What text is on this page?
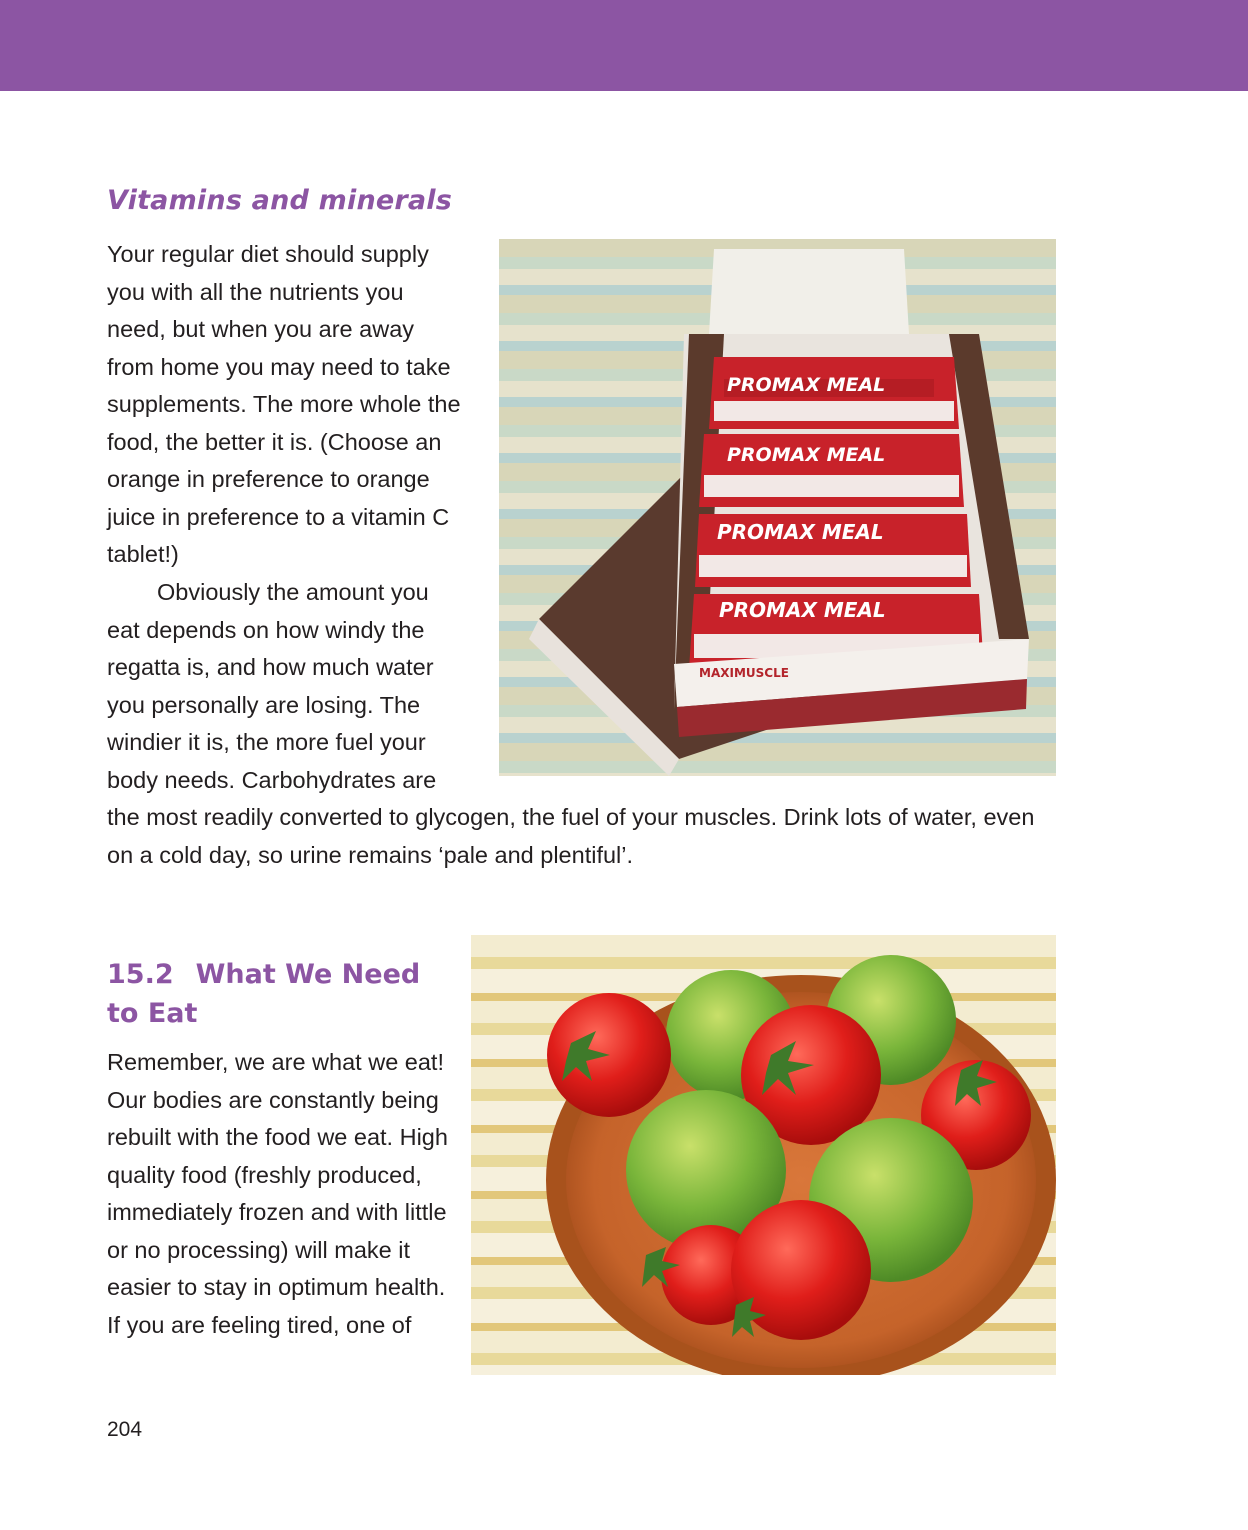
Vitamins and minerals

Your regular diet should supply you with all the nutrients you need, but when you are away from home you may need to take supplements. The more whole the food, the better it is. (Choose an orange in preference to orange juice in preference to a vitamin C tablet!)

Obviously the amount you eat depends on how windy the regatta is, and how much water you personally are losing. The windier it is, the more fuel your body needs. Carbohydrates are

the most readily converted to glycogen, the fuel of your muscles. Drink lots of water, even on a cold day, so urine remains ‘pale and plentiful’.

PROMAX MEAL
PROMAX MEAL
PROMAX MEAL
PROMAX MEAL
MAXIMUSCLE
15.2 What We Need to Eat

Remember, we are what we eat! Our bodies are constantly being rebuilt with the food we eat. High quality food (freshly produced, immediately frozen and with little or no processing) will make it easier to stay in optimum health. If you are feeling tired, one of

204
